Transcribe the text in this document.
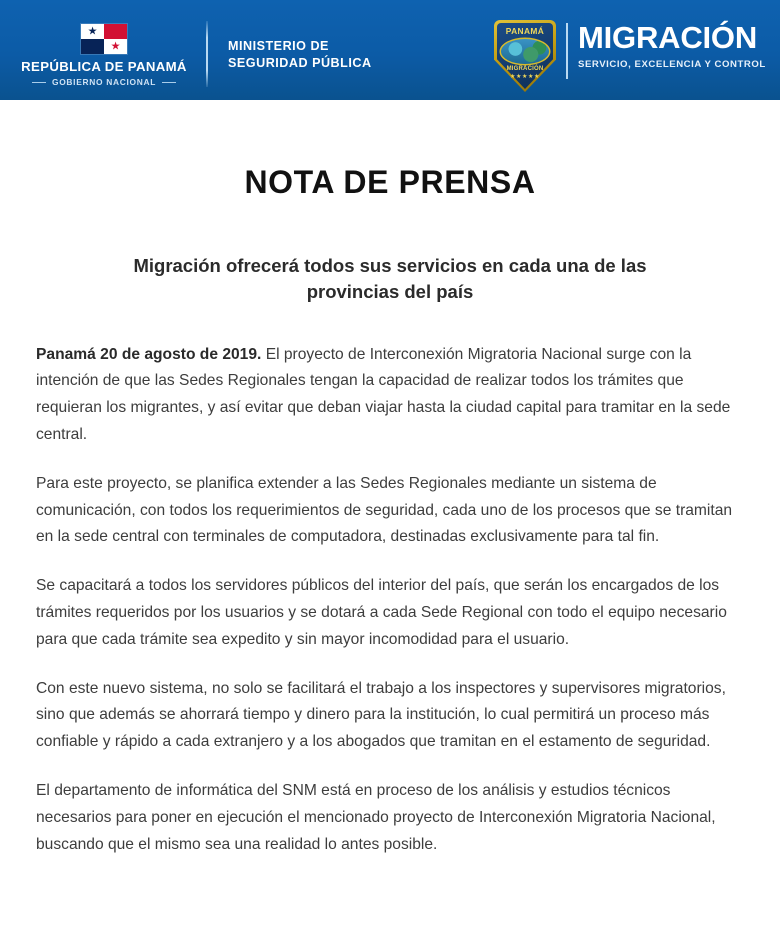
★
★
REPÚBLICA DE PANAMÁ
GOBIERNO NACIONAL
MINISTERIO DE
SEGURIDAD PÚBLICA
PANAMÁ
MIGRACIÓN
★★★★★
MIGRACIÓN
SERVICIO, EXCELENCIA Y CONTROL
NOTA DE PRENSA
Migración ofrecerá todos sus servicios en cada una de las provincias del país

Panamá 20 de agosto de 2019. El proyecto de Interconexión Migratoria Nacional surge con la intención de que las Sedes Regionales tengan la capacidad de realizar todos los trámites que requieran los migrantes, y así evitar que deban viajar hasta la ciudad capital para tramitar en la sede central.

Para este proyecto, se planifica extender a las Sedes Regionales mediante un sistema de comunicación, con todos los requerimientos de seguridad, cada uno de los procesos que se tramitan en la sede central con terminales de computadora, destinadas exclusivamente para tal fin.

Se capacitará a todos los servidores públicos del interior del país, que serán los encargados de los trámites requeridos por los usuarios y se dotará a cada Sede Regional con todo el equipo necesario para que cada trámite sea expedito y sin mayor incomodidad para el usuario.

Con este nuevo sistema, no solo se facilitará el trabajo a los inspectores y supervisores migratorios, sino que además se ahorrará tiempo y dinero para la institución, lo cual permitirá un proceso más confiable y rápido a cada extranjero y a los abogados que tramitan en el estamento de seguridad.

El departamento de informática del SNM está en proceso de los análisis y estudios técnicos necesarios para poner en ejecución el mencionado proyecto de Interconexión Migratoria Nacional, buscando que el mismo sea una realidad lo antes posible.
